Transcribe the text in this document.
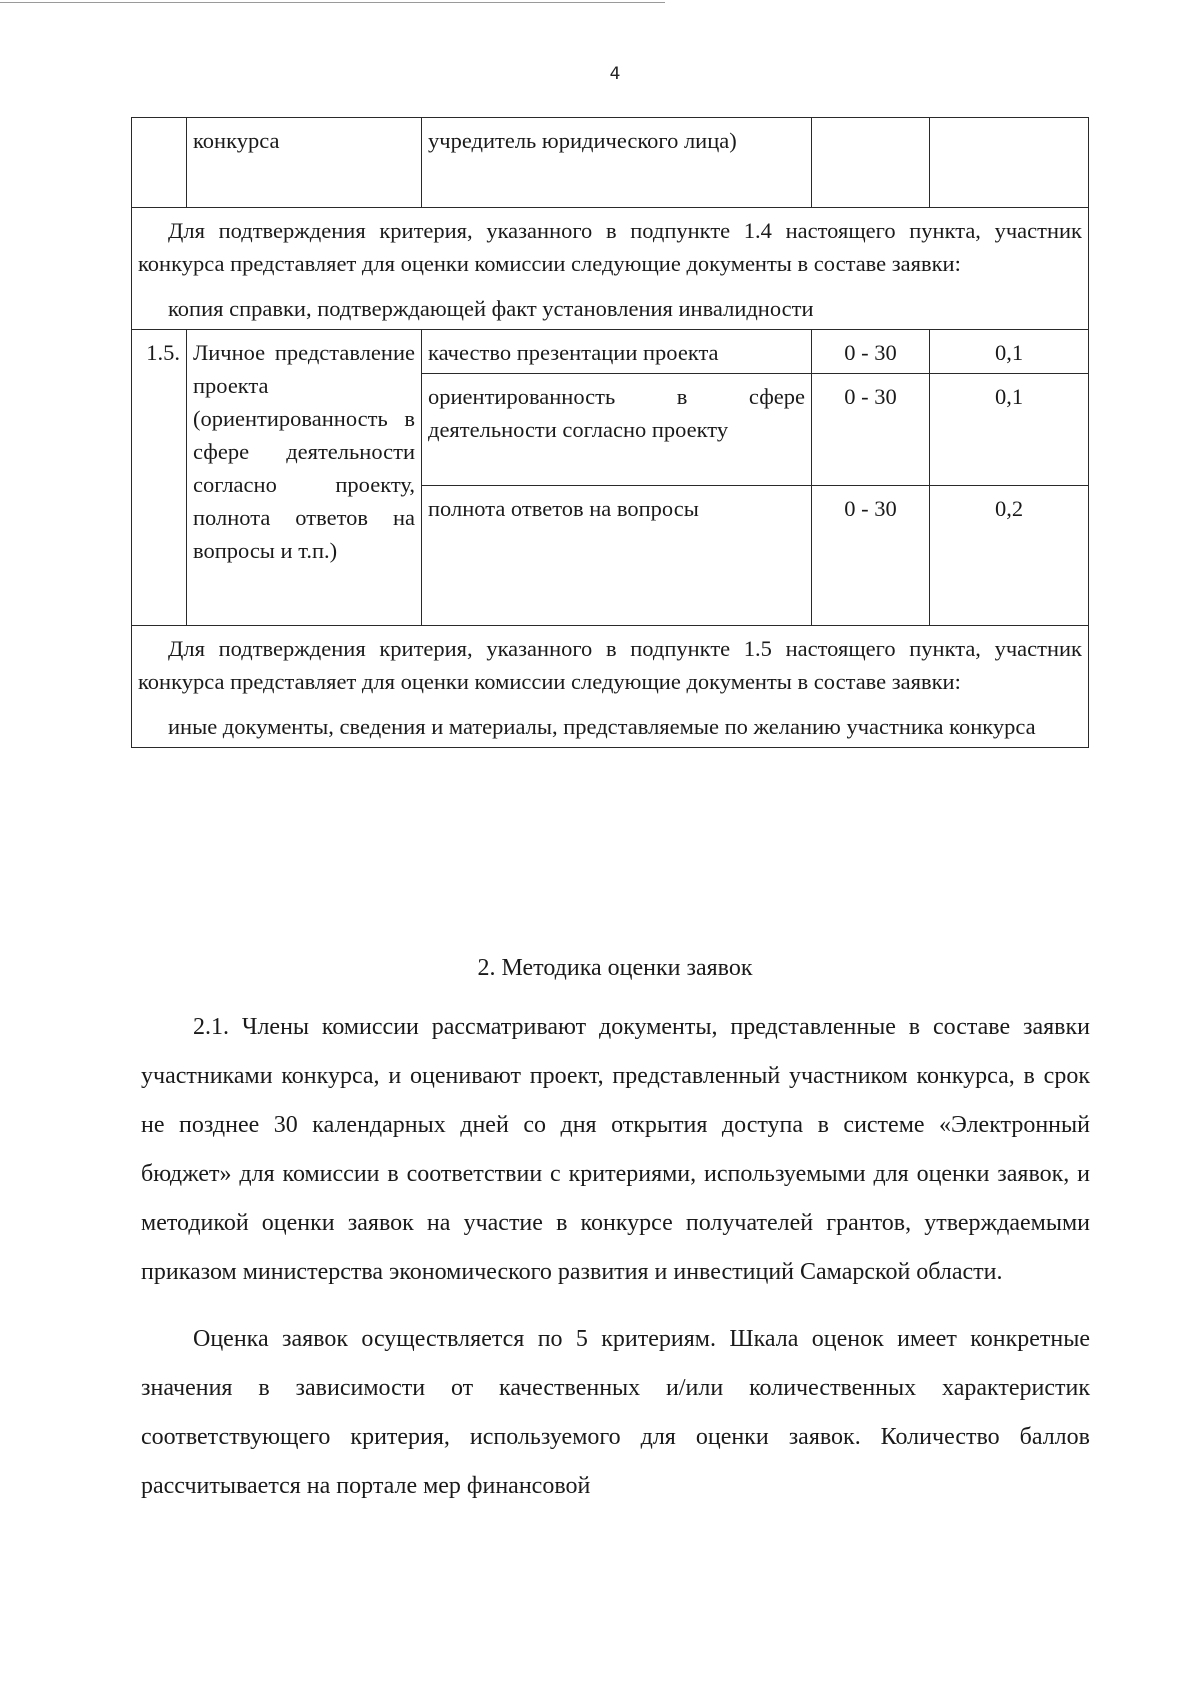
4
	конкурса	учредитель юридического лица)		

Для подтверждения критерия, указанного в подпункте 1.4 настоящего пункта, участник конкурса представляет для оценки комиссии следующие документы в составе заявки:

копия справки, подтверждающей факт установления инвалидности				

1.5.	Личное представление проекта (ориентированность в сфере деятельности согласно проекту, полнота ответов на вопросы и т.п.)	качество презентации проекта	0 - 30	0,1
		ориентированность в сфере деятельности согласно проекту	0 - 30	0,1
		полнота ответов на вопросы	0 - 30	0,2

Для подтверждения критерия, указанного в подпункте 1.5 настоящего пункта, участник конкурса представляет для оценки комиссии следующие документы в составе заявки:

иные документы, сведения и материалы, представляемые по желанию участника конкурса				

2. Методика оценки заявок

2.1. Члены комиссии рассматривают документы, представленные в составе заявки участниками конкурса, и оценивают проект, представленный участником конкурса, в срок не позднее 30 календарных дней со дня открытия доступа в системе «Электронный бюджет» для комиссии в соответствии с критериями, используемыми для оценки заявок, и методикой оценки заявок на участие в конкурсе получателей грантов, утверждаемыми приказом министерства экономического развития и инвестиций Самарской области.

Оценка заявок осуществляется по 5 критериям. Шкала оценок имеет конкретные значения в зависимости от качественных и/или количественных характеристик соответствующего критерия, используемого для оценки заявок. Количество баллов рассчитывается на портале мер финансовой
